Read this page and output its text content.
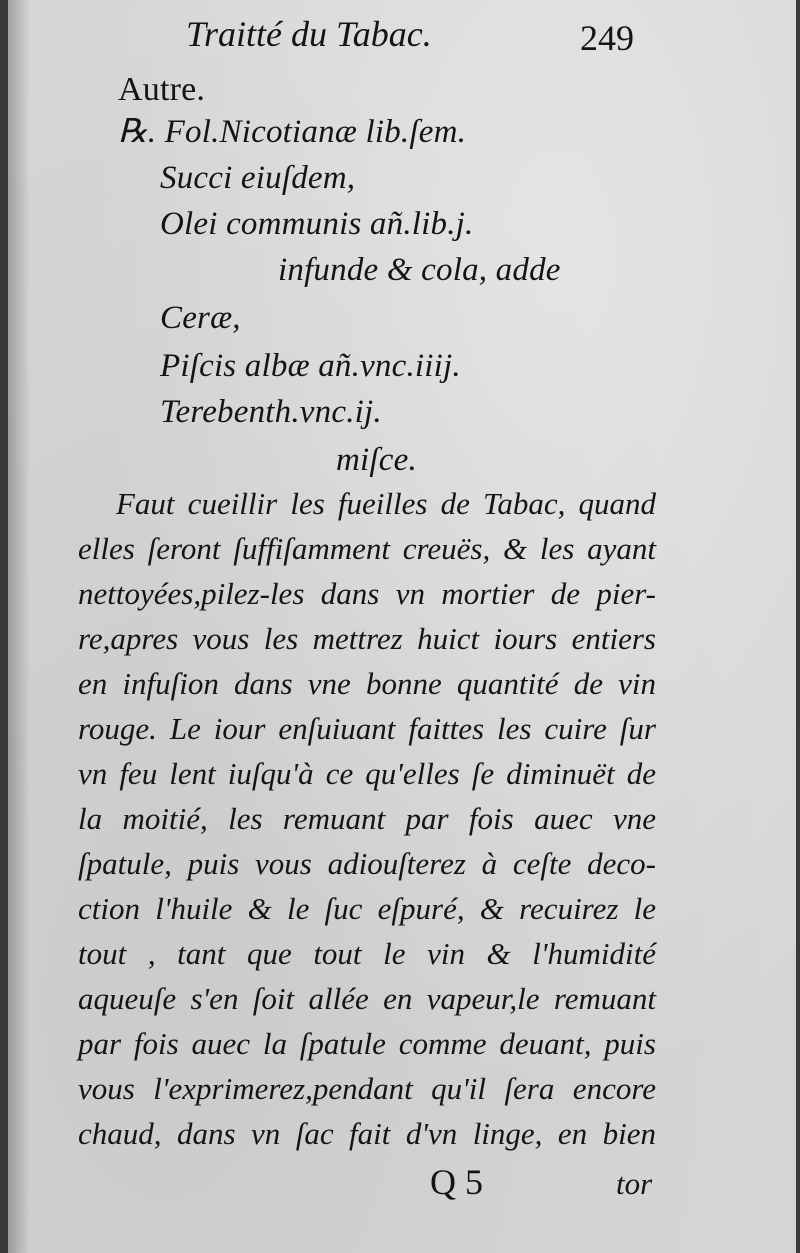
Traitté du Tabac.	249
Autre.
℞. Fol.Nicotianæ lib.ſem.
Succi eiuſdem,
Olei communis añ.lib.j.
infunde & cola, adde
Ceræ,
Piſcis albæ añ.vnc.iiij.
Terebenth.vnc.ij.
miſce.
Faut cueillir les fueilles de Tabac, quand
elles ſeront ſuffiſamment creuës, & les ayant
nettoyées,pilez-les dans vn mortier de pier-
re,apres vous les mettrez huict iours entiers
en infuſion dans vne bonne quantité de vin
rouge. Le iour enſuiuant faittes les cuire ſur
vn feu lent iuſqu'à ce qu'elles ſe diminuët de
la moitié, les remuant par fois auec vne
ſpatule, puis vous adiouſterez à ceſte deco-
ction l'huile & le ſuc eſpuré, & recuirez le
tout , tant que tout le vin & l'humidité
aqueuſe s'en ſoit allée en vapeur,le remuant
par fois auec la ſpatule comme deuant, puis
vous l'exprimerez,pendant qu'il ſera encore
chaud, dans vn ſac fait d'vn linge, en bien
Q 5	tor
